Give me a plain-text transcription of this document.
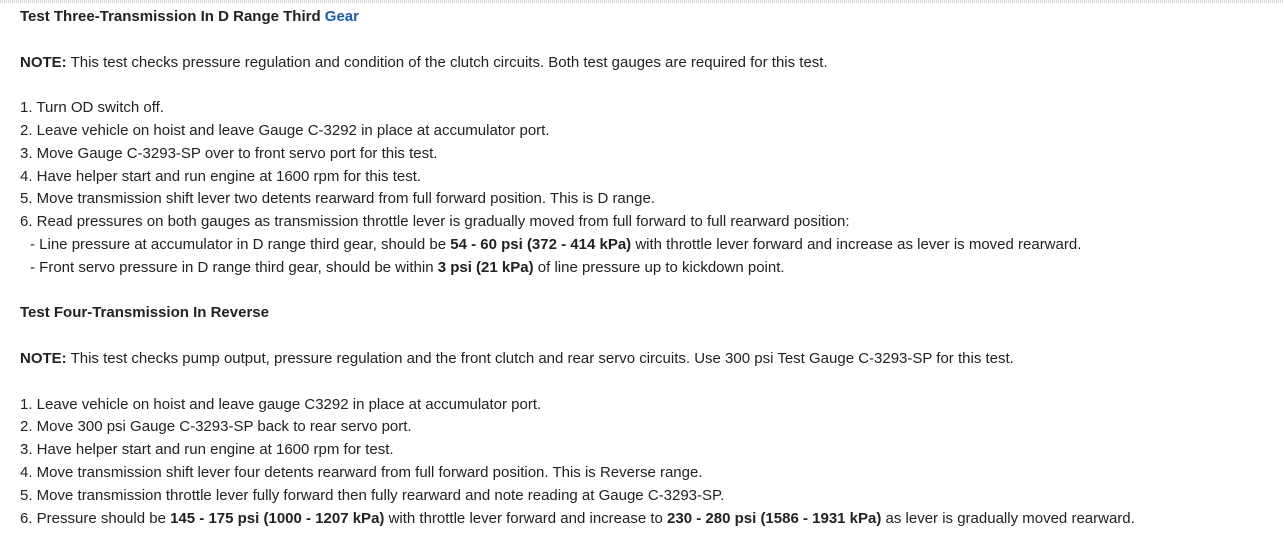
Test Three-Transmission In D Range Third Gear
NOTE: This test checks pressure regulation and condition of the clutch circuits. Both test gauges are required for this test.
1. Turn OD switch off.
2. Leave vehicle on hoist and leave Gauge C-3292 in place at accumulator port.
3. Move Gauge C-3293-SP over to front servo port for this test.
4. Have helper start and run engine at 1600 rpm for this test.
5. Move transmission shift lever two detents rearward from full forward position. This is D range.
6. Read pressures on both gauges as transmission throttle lever is gradually moved from full forward to full rearward position:
- Line pressure at accumulator in D range third gear, should be 54 - 60 psi (372 - 414 kPa) with throttle lever forward and increase as lever is moved rearward.
- Front servo pressure in D range third gear, should be within 3 psi (21 kPa) of line pressure up to kickdown point.
Test Four-Transmission In Reverse
NOTE: This test checks pump output, pressure regulation and the front clutch and rear servo circuits. Use 300 psi Test Gauge C-3293-SP for this test.
1. Leave vehicle on hoist and leave gauge C3292 in place at accumulator port.
2. Move 300 psi Gauge C-3293-SP back to rear servo port.
3. Have helper start and run engine at 1600 rpm for test.
4. Move transmission shift lever four detents rearward from full forward position. This is Reverse range.
5. Move transmission throttle lever fully forward then fully rearward and note reading at Gauge C-3293-SP.
6. Pressure should be 145 - 175 psi (1000 - 1207 kPa) with throttle lever forward and increase to 230 - 280 psi (1586 - 1931 kPa) as lever is gradually moved rearward.
